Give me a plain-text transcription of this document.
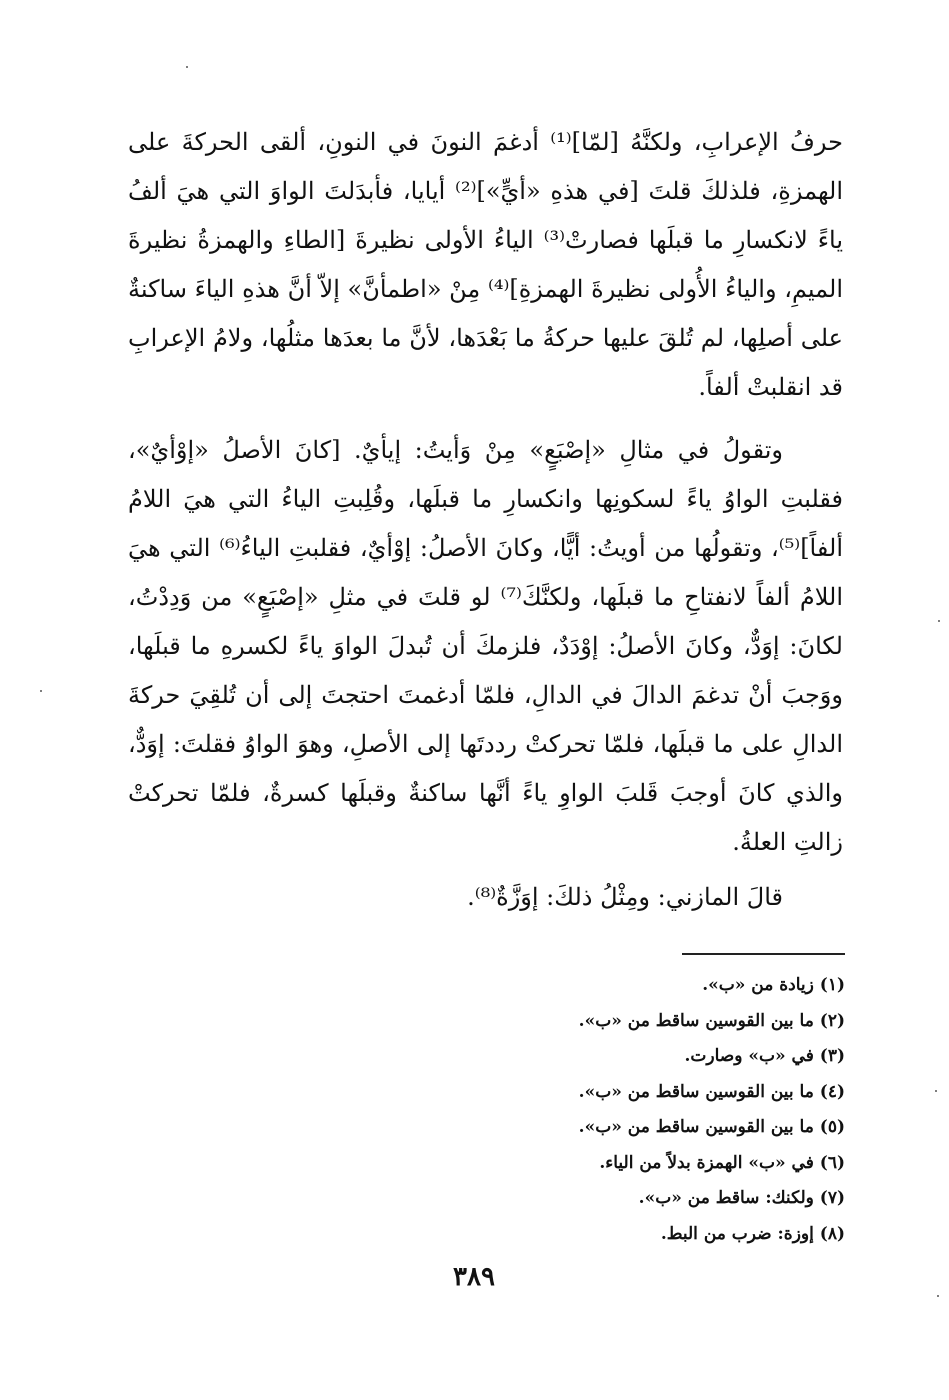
حرفُ الإعرابِ، ولكنَّهُ [لمّا]⁽¹⁾ أدغمَ النونَ في النونِ، ألقى الحركةَ على الهمزةِ، فلذلكَ قلتَ [في هذهِ «أيٍّ»]⁽²⁾ أيايا، فأبدَلتَ الواوَ التي هيَ ألفُ ياءً لانكسارِ ما قبلَها فصارتْ⁽³⁾ الياءُ الأولى نظيرةَ [الطاءِ والهمزةُ نظيرةَ الميمِ، والياءُ الأُولى نظيرةَ الهمزةِ]⁽⁴⁾ مِنْ «اطمأنَّ» إلاّ أنَّ هذهِ الياءَ ساكنةٌ على أصلِها، لم تُلقَ عليها حركةُ ما بَعْدَها، لأنَّ ما بعدَها مثلُها، ولامُ الإعرابِ قد انقلبتْ ألفاً.

وتقولُ في مثالِ «إصْبَعٍ» مِنْ وَأيتُ: إيأيٌ. [كانَ الأصلُ «إوْأيٌ»، فقلبتِ الواوُ ياءً لسكونِها وانكسارِ ما قبلَها، وقُلِبتِ الياءُ التي هيَ اللامُ ألفاً]⁽⁵⁾، وتقولُها من أويتُ: أيًّا، وكانَ الأصلُ: إوْأيٌ، فقلبتِ الياءُ⁽⁶⁾ التي هيَ اللامُ ألفاً لانفتاحِ ما قبلَها، ولكنَّكَ⁽⁷⁾ لو قلتَ في مثلِ «إصْبَعٍ» من وَدِدْتُ، لكانَ: إوَدٌّ، وكانَ الأصلُ: إوْدَدٌ، فلزمكَ أن تُبدلَ الواوَ ياءً لكسرهِ ما قبلَها، ووَجبَ أنْ تدغمَ الدالَ في الدالِ، فلمّا أدغمتَ احتجتَ إلى أن تُلقِيَ حركةَ الدالِ على ما قبلَها، فلمّا تحركتْ رددتَها إلى الأصلِ، وهوَ الواوُ فقلتَ: إوَدٌّ، والذي كانَ أوجبَ قَلبَ الواوِ ياءً أنَّها ساكنةٌ وقبلَها كسرةٌ، فلمّا تحركتْ زالتِ العلةُ.

قالَ المازني: ومِثْلُ ذلكَ: إوَزَّةٌ⁽⁸⁾.

(١) زيادة من «ب».
(٢) ما بين القوسين ساقط من «ب».
(٣) في «ب» وصارت.
(٤) ما بين القوسين ساقط من «ب».
(٥) ما بين القوسين ساقط من «ب».
(٦) في «ب» الهمزة بدلاً من الياء.
(٧) ولكنك: ساقط من «ب».
(٨) إوزة: ضرب من البط.
٣٨٩
